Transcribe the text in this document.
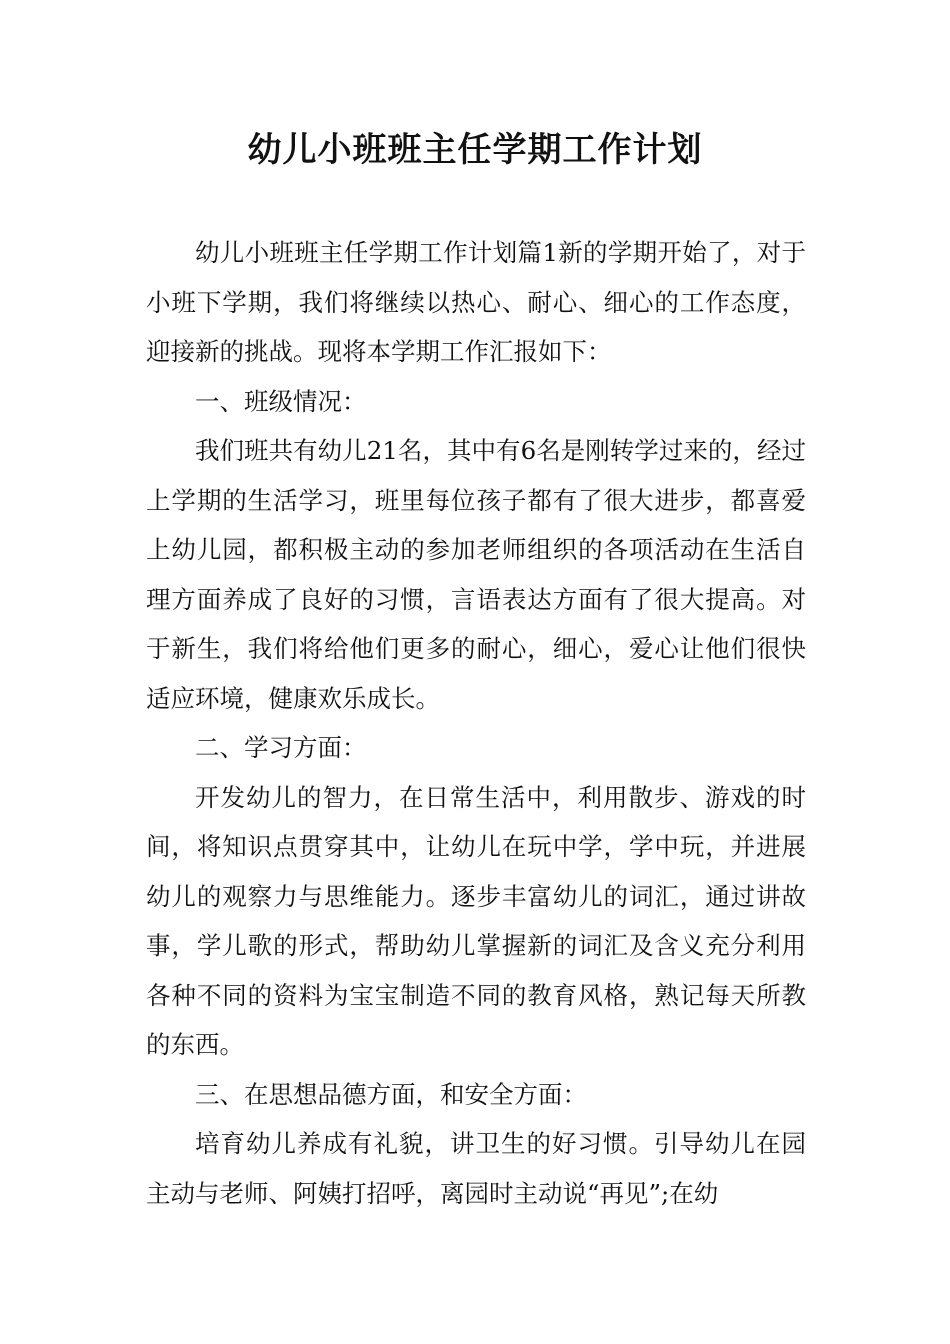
幼儿小班班主任学期工作计划

幼儿小班班主任学期工作计划篇1新的学期开始了，对于小班下学期，我们将继续以热心、耐心、细心的工作态度，迎接新的挑战。现将本学期工作汇报如下：

一、班级情况：

我们班共有幼儿21名，其中有6名是刚转学过来的，经过上学期的生活学习，班里每位孩子都有了很大进步，都喜爱上幼儿园，都积极主动的参加老师组织的各项活动在生活自理方面养成了良好的习惯，言语表达方面有了很大提高。对于新生，我们将给他们更多的耐心，细心，爱心让他们很快适应环境，健康欢乐成长。

二、学习方面：

开发幼儿的智力，在日常生活中，利用散步、游戏的时间，将知识点贯穿其中，让幼儿在玩中学，学中玩，并进展幼儿的观察力与思维能力。逐步丰富幼儿的词汇，通过讲故事，学儿歌的形式，帮助幼儿掌握新的词汇及含义充分利用各种不同的资料为宝宝制造不同的教育风格，熟记每天所教的东西。

三、在思想品德方面，和安全方面：

培育幼儿养成有礼貌，讲卫生的好习惯。引导幼儿在园主动与老师、阿姨打招呼，离园时主动说“再见”;在幼
